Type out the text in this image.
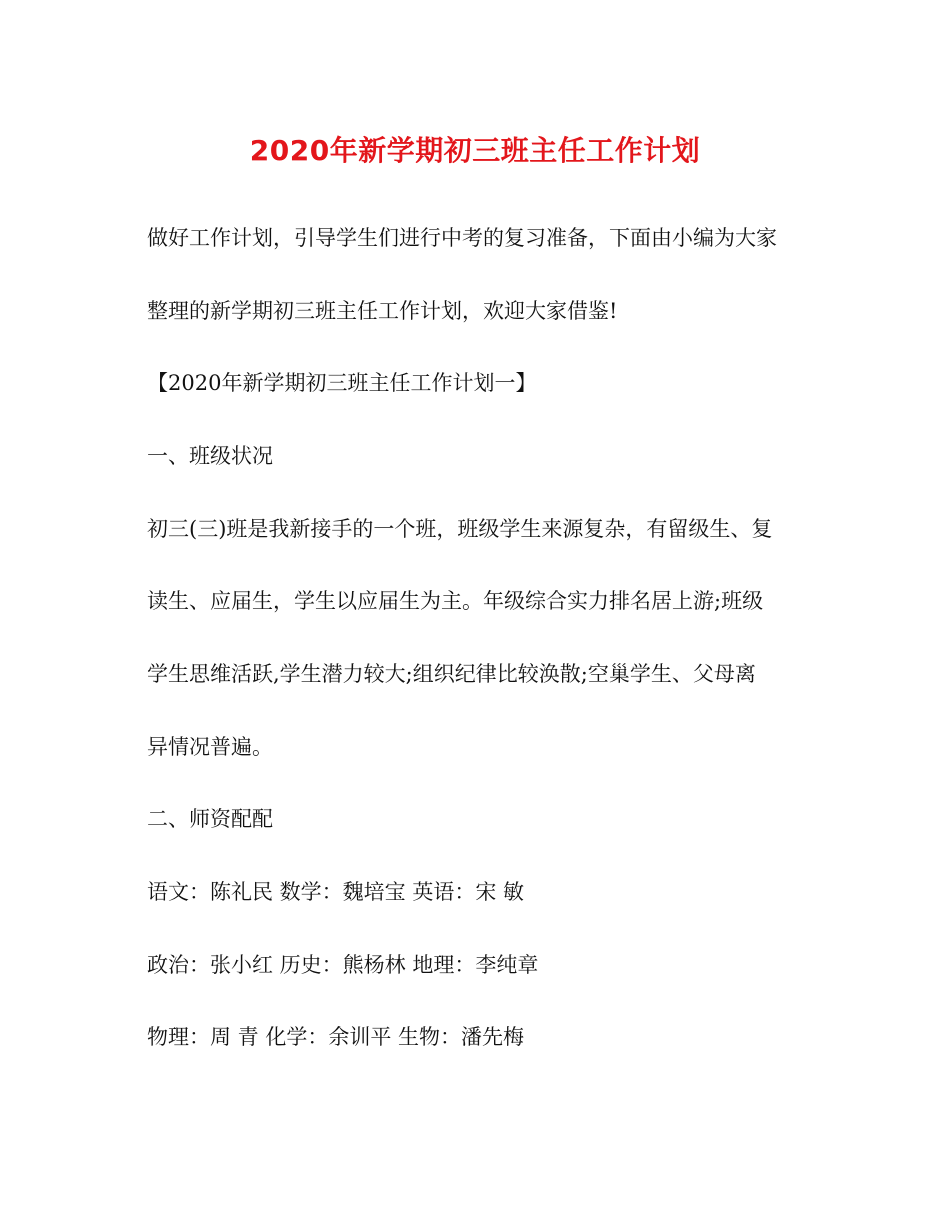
2020年新学期初三班主任工作计划
做好工作计划，引导学生们进行中考的复习准备，下面由小编为大家
整理的新学期初三班主任工作计划，欢迎大家借鉴!
【2020年新学期初三班主任工作计划一】
一、班级状况
初三(三)班是我新接手的一个班，班级学生来源复杂，有留级生、复
读生、应届生，学生以应届生为主。年级综合实力排名居上游;班级
学生思维活跃,学生潜力较大;组织纪律比较涣散;空巢学生、父母离
异情况普遍。
二、师资配配
语文：陈礼民 数学：魏培宝 英语：宋 敏
政治：张小红 历史：熊杨林 地理：李纯章
物理：周 青 化学：余训平 生物：潘先梅
